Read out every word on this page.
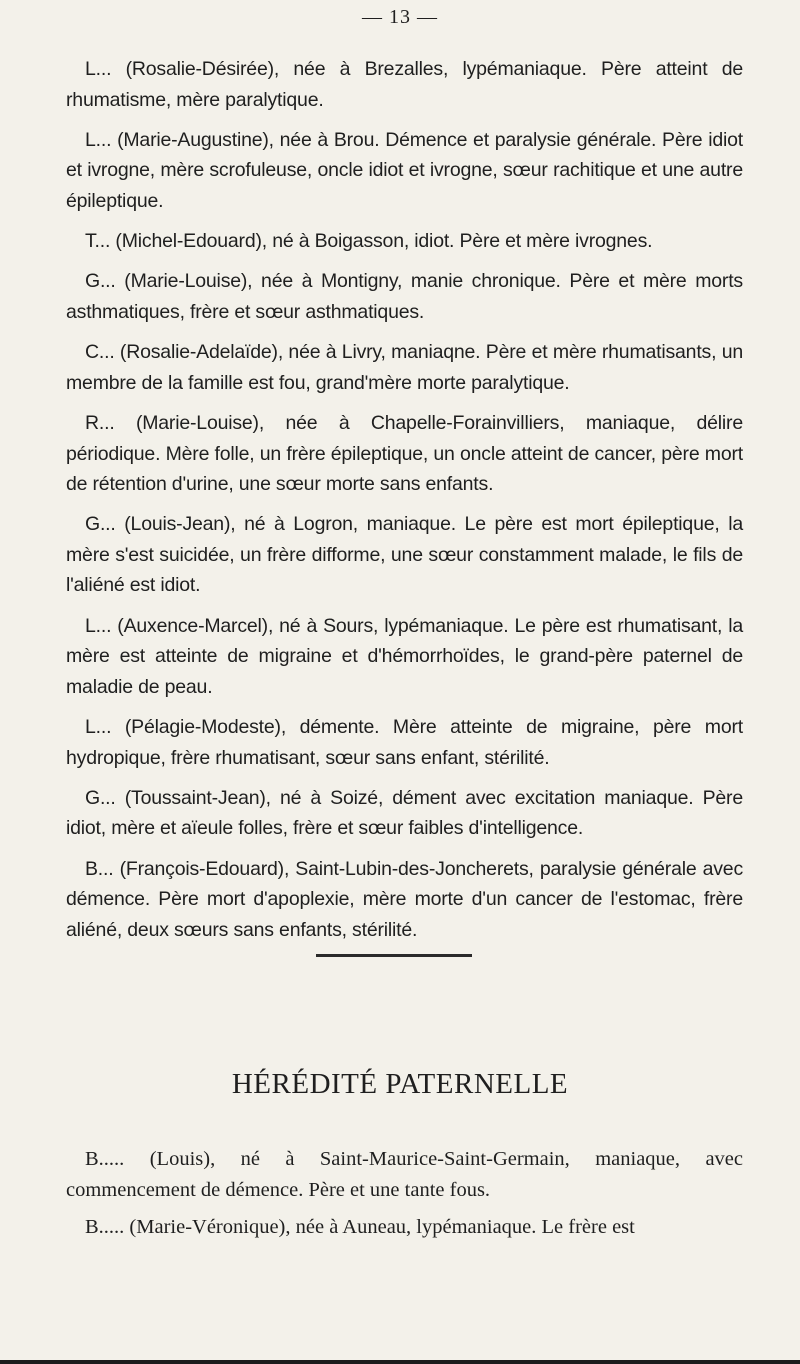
— 13 —

L... (Rosalie-Désirée), née à Brezalles, lypémaniaque. Père atteint de rhumatisme, mère paralytique.

L... (Marie-Augustine), née à Brou. Démence et paralysie générale. Père idiot et ivrogne, mère scrofuleuse, oncle idiot et ivrogne, sœur rachitique et une autre épileptique.

T... (Michel-Edouard), né à Boigasson, idiot. Père et mère ivrognes.

G... (Marie-Louise), née à Montigny, manie chronique. Père et mère morts asthmatiques, frère et sœur asthmatiques.

C... (Rosalie-Adelaïde), née à Livry, maniaqne. Père et mère rhumatisants, un membre de la famille est fou, grand'mère morte paralytique.

R... (Marie-Louise), née à Chapelle-Forainvilliers, maniaque, délire périodique. Mère folle, un frère épileptique, un oncle atteint de cancer, père mort de rétention d'urine, une sœur morte sans enfants.

G... (Louis-Jean), né à Logron, maniaque. Le père est mort épileptique, la mère s'est suicidée, un frère difforme, une sœur constamment malade, le fils de l'aliéné est idiot.

L... (Auxence-Marcel), né à Sours, lypémaniaque. Le père est rhumatisant, la mère est atteinte de migraine et d'hémorrhoïdes, le grand-père paternel de maladie de peau.

L... (Pélagie-Modeste), démente. Mère atteinte de migraine, père mort hydropique, frère rhumatisant, sœur sans enfant, stérilité.

G... (Toussaint-Jean), né à Soizé, dément avec excitation maniaque. Père idiot, mère et aïeule folles, frère et sœur faibles d'intelligence.

B... (François-Edouard), Saint-Lubin-des-Joncherets, paralysie générale avec démence. Père mort d'apoplexie, mère morte d'un cancer de l'estomac, frère aliéné, deux sœurs sans enfants, stérilité.

HÉRÉDITÉ PATERNELLE

B..... (Louis), né à Saint-Maurice-Saint-Germain, maniaque, avec commencement de démence. Père et une tante fous.

B..... (Marie-Véronique), née à Auneau, lypémaniaque. Le frère est
